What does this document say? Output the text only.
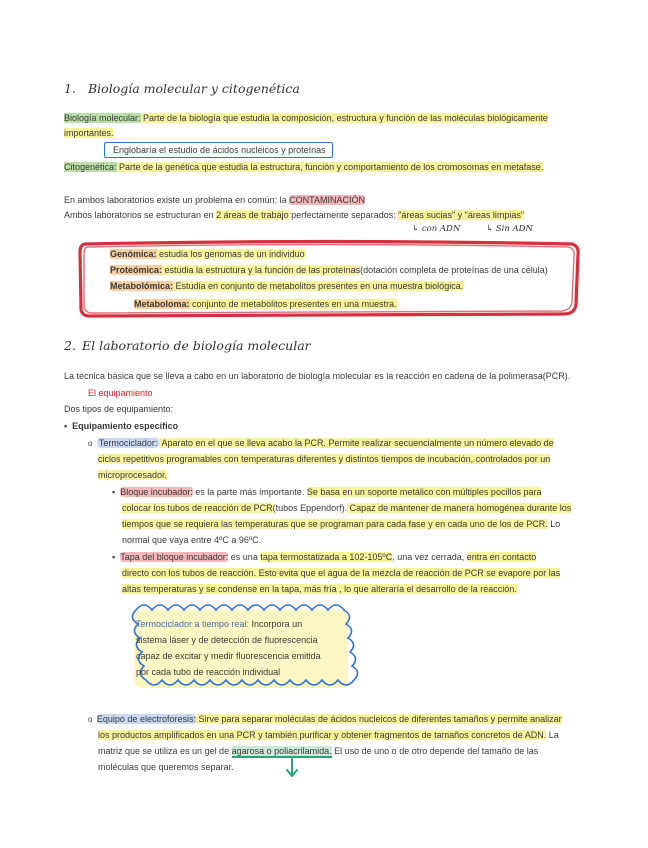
1. Biología molecular y citogenética
Biología molecular: Parte de la biología que estudia la composición, estructura y función de las moléculas biológicamente
importantes.
Englobaría el estudio de ácidos nucleicos y proteínas
Citogenética: Parte de la genética que estudia la estructura, función y comportamiento de los cromosomas en metafase.
En ambos laboratorios existe un problema en común: la CONTAMINACIÓN
Ambos laboratorios se estructuran en 2 áreas de trabajo perfectamente separados: "áreas sucias" y "áreas limpias"
↳ con ADN	↳ Sin ADN
Genómica: estudia los genomas de un individuo
Proteómica: estudia la estructura y la función de las proteínas(dotación completa de proteínas de una célula)
Metabolómica: Estudia en conjunto de metabolitos presentes en una muestra biológica.
Metaboloma: conjunto de metabolitos presentes en una muestra.
2. El laboratorio de biología molecular
La técnica básica que se lleva a cabo en un laboratorio de biología molecular es la reacción en cadena de la polimerasa(PCR).
El equipamiento
Dos tipos de equipamiento:
•  Equipamiento específico
o  Termociclador: Aparato en el que se lleva acabo la PCR. Permite realizar secuencialmente un número elevado de
ciclos repetitivos programables con temperaturas diferentes y distintos tiempos de incubación, controlados por un
microprocesador.
▪  Bloque incubador: es la parte más importante. Se basa en un soporte metálico con múltiples pocillos para
colocar los tubos de reacción de PCR(tubos Eppendorf). Capaz de mantener de manera homogénea durante los
tiempos que se requiera las temperaturas que se programan para cada fase y en cada uno de los de PCR. Lo
normal que vaya entre 4ºC a 96ºC.
▪  Tapa del bloque incubador: es una tapa termostatizada a 102-105ºC, una vez cerrada, entra en contacto
directo con los tubos de reacción. Esto evita que el agua de la mezcla de reacción de PCR se evapore por las
altas temperaturas y se condense en la tapa, más fría , lo que alteraría el desarrollo de la reacción.
Termociclador a tiempo real: Incorpora un
sistema láser y de detección de fluorescencia
capaz de excitar y medir fluorescencia emitida
por cada tubo de reacción individual
o  Equipo de electroforesis: Sirve para separar moléculas de ácidos nucleicos de diferentes tamaños y permite analizar
los productos amplificados en una PCR y también purificar y obtener fragmentos de tamaños concretos de ADN. La
matriz que se utiliza es un gel de agarosa o poliacrilamida. El uso de uno o de otro depende del tamaño de las
moléculas que queremos separar.
